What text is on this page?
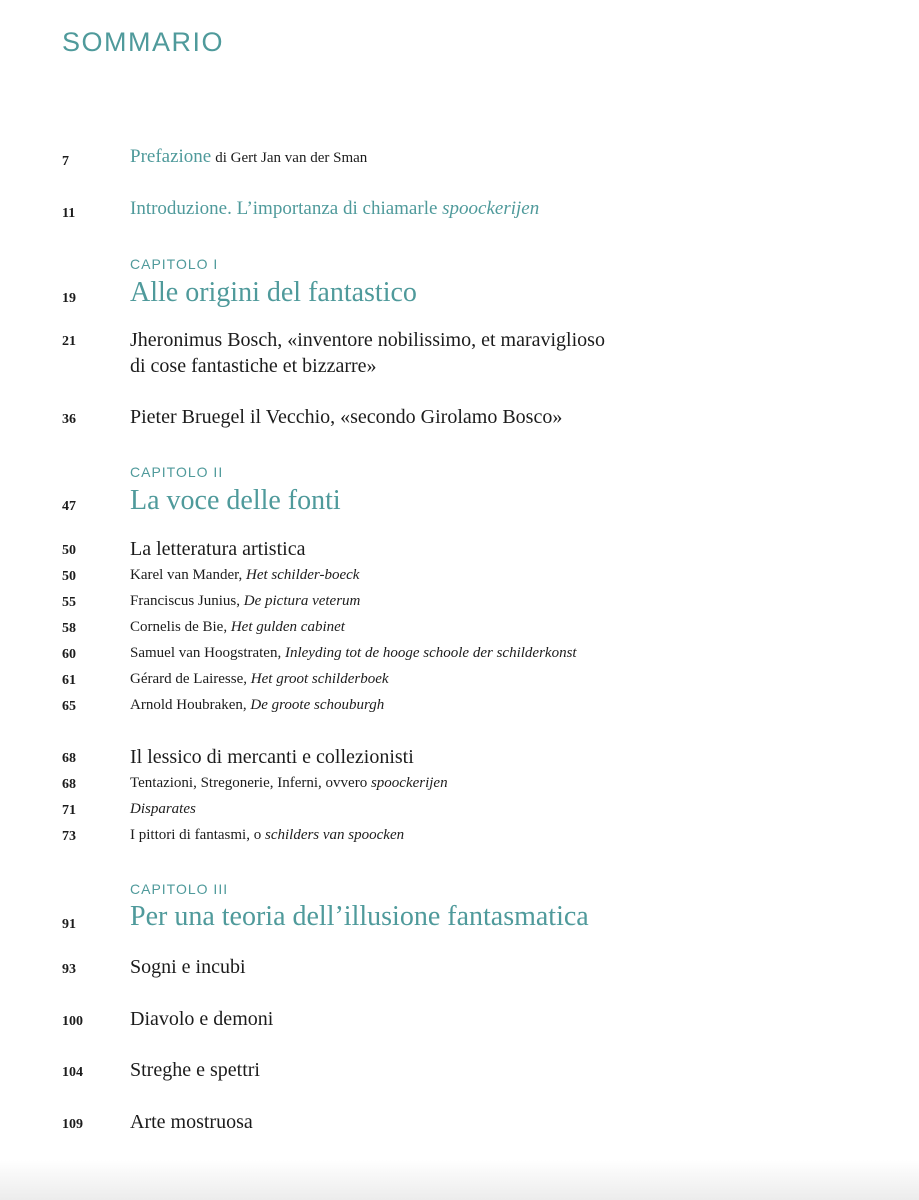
SOMMARIO
7	Prefazione di Gert Jan van der Sman
11	Introduzione. L’importanza di chiamarle spoockerijen
CAPITOLO I
19 Alle origini del fantastico
21	Jheronimus Bosch, «inventore nobilissimo, et maraviglioso
di cose fantastiche et bizzarre»
36	Pieter Bruegel il Vecchio, «secondo Girolamo Bosco»
CAPITOLO II
47 La voce delle fonti
50	La letteratura artistica
50	Karel van Mander, Het schilder-boeck
55	Franciscus Junius, De pictura veterum
58	Cornelis de Bie, Het gulden cabinet
60	Samuel van Hoogstraten, Inleyding tot de hooge schoole der schilderkonst
61	Gérard de Lairesse, Het groot schilderboek
65	Arnold Houbraken, De groote schouburgh
68	Il lessico di mercanti e collezionisti
68	Tentazioni, Stregonerie, Inferni, ovvero spoockerijen
71	Disparates
73	I pittori di fantasmi, o schilders van spoocken
CAPITOLO III
91 Per una teoria dell’illusione fantasmatica
93	Sogni e incubi
100 Diavolo e demoni
104 Streghe e spettri
109 Arte mostruosa
